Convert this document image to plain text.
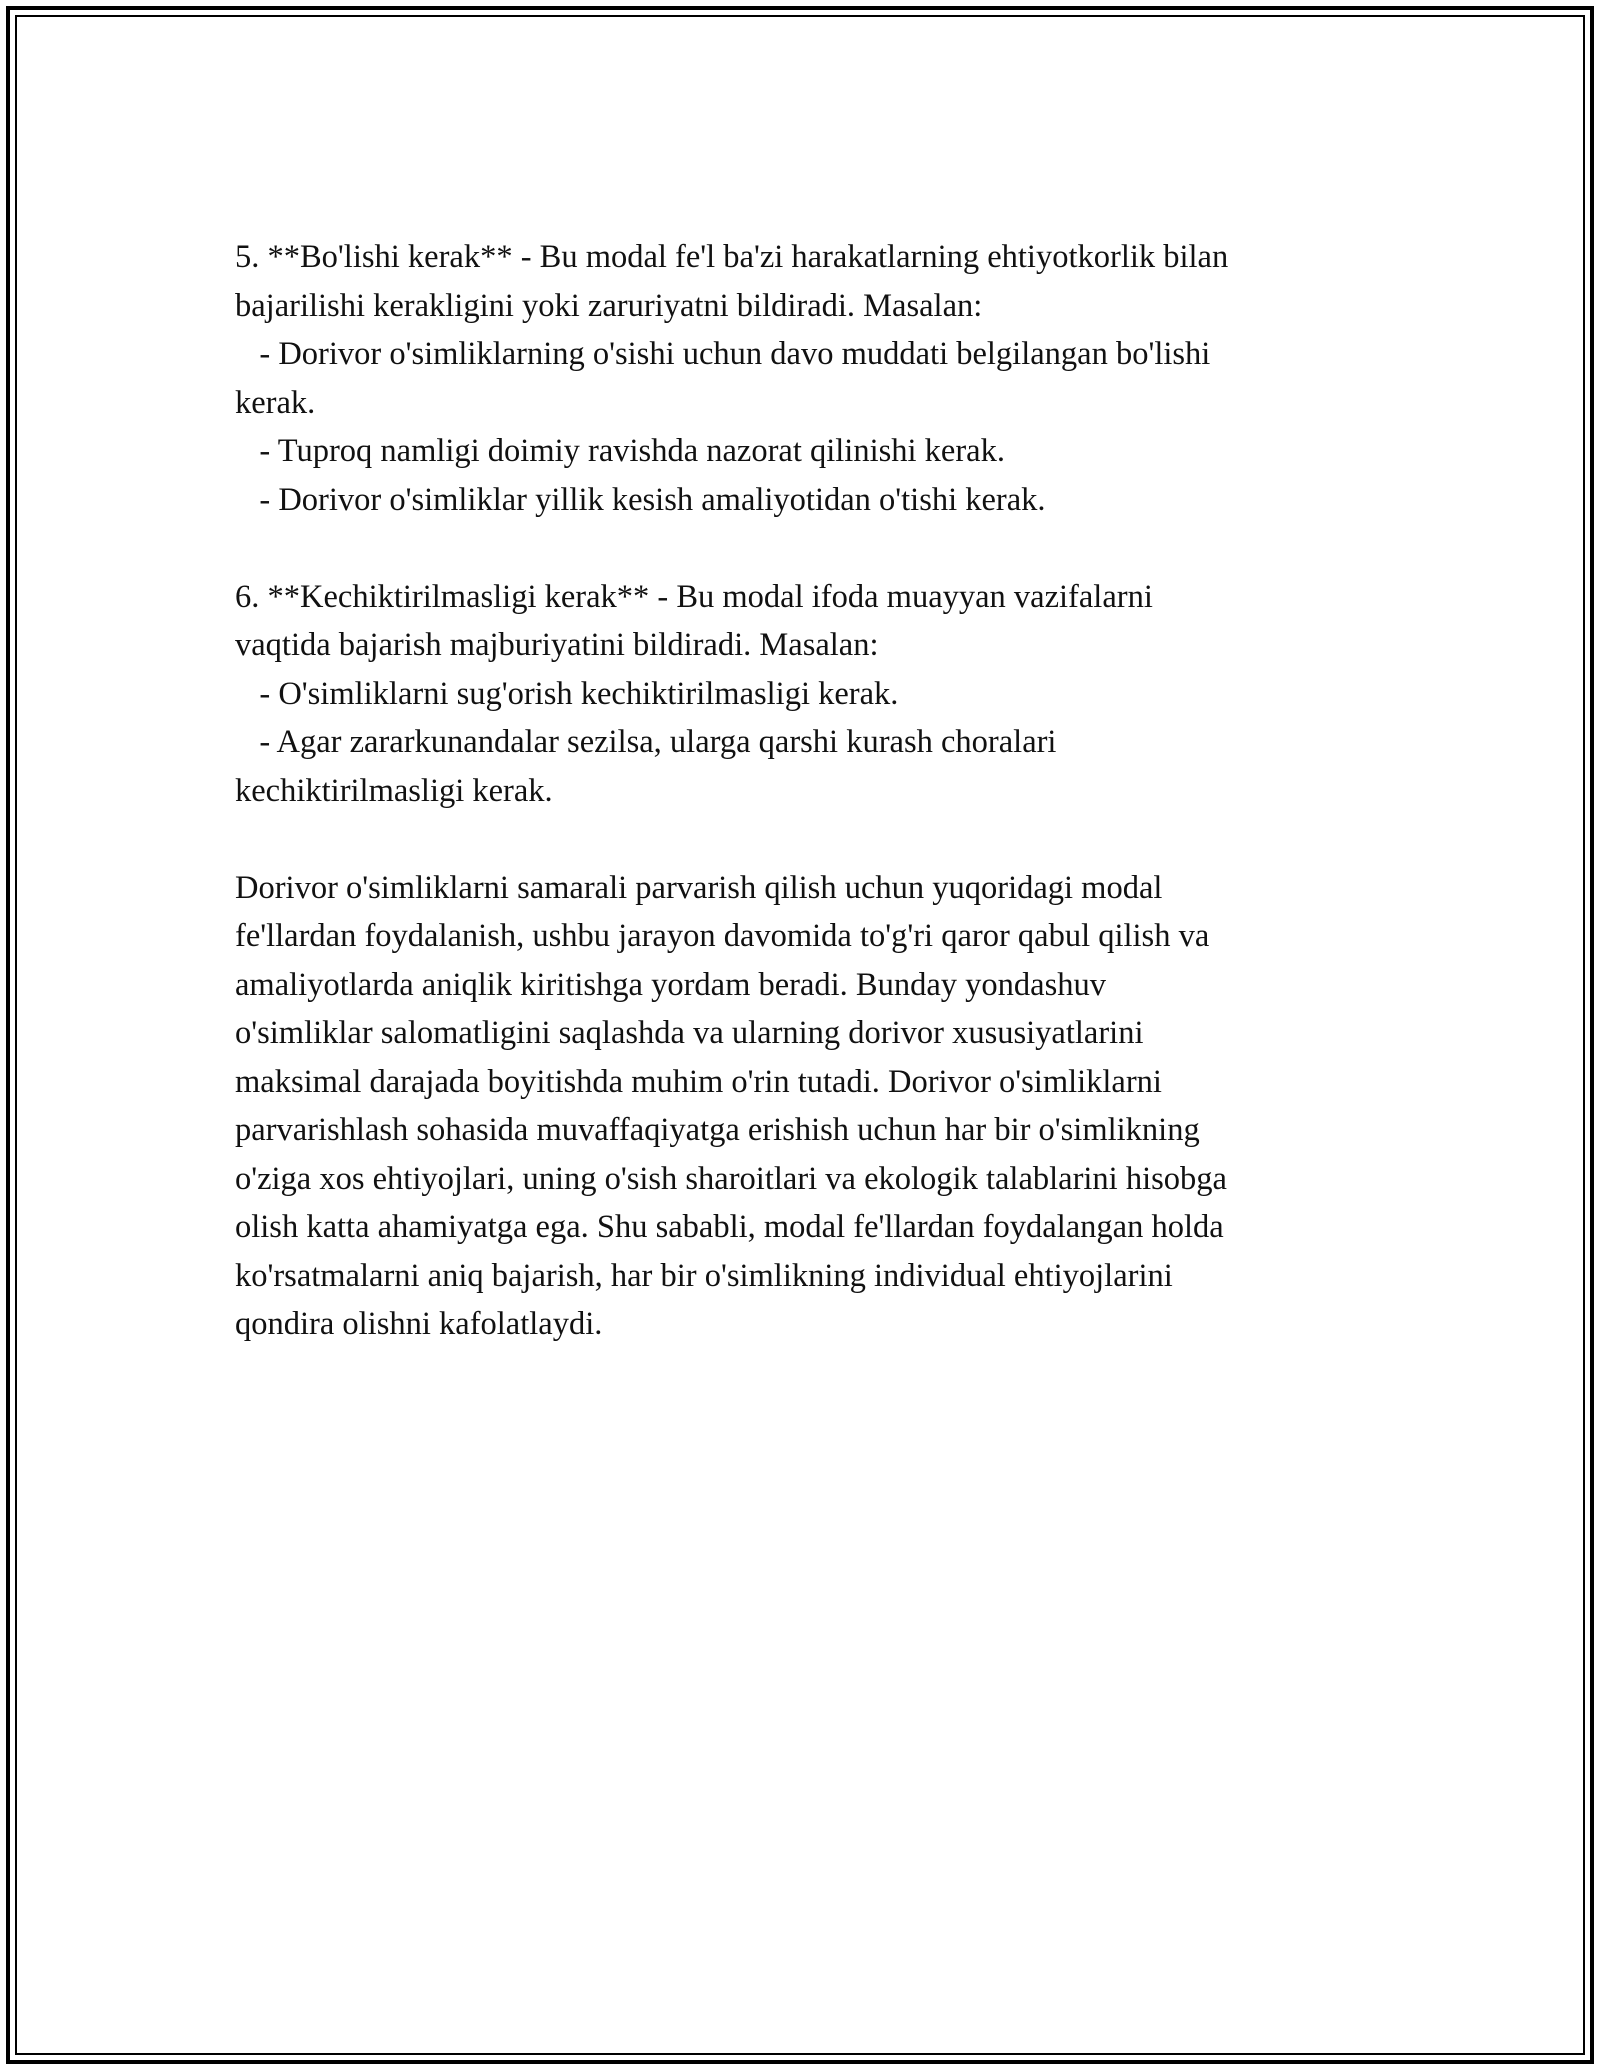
5. **Bo'lishi kerak** - Bu modal fe'l ba'zi harakatlarning ehtiyotkorlik bilan
bajarilishi kerakligini yoki zaruriyatni bildiradi. Masalan:
- Dorivor o'simliklarning o'sishi uchun davo muddati belgilangan bo'lishi
kerak.
- Tuproq namligi doimiy ravishda nazorat qilinishi kerak.
- Dorivor o'simliklar yillik kesish amaliyotidan o'tishi kerak.
6. **Kechiktirilmasligi kerak** - Bu modal ifoda muayyan vazifalarni
vaqtida bajarish majburiyatini bildiradi. Masalan:
- O'simliklarni sug'orish kechiktirilmasligi kerak.
- Agar zararkunandalar sezilsa, ularga qarshi kurash choralari
kechiktirilmasligi kerak.
Dorivor o'simliklarni samarali parvarish qilish uchun yuqoridagi modal
fe'llardan foydalanish, ushbu jarayon davomida to'g'ri qaror qabul qilish va
amaliyotlarda aniqlik kiritishga yordam beradi. Bunday yondashuv
o'simliklar salomatligini saqlashda va ularning dorivor xususiyatlarini
maksimal darajada boyitishda muhim o'rin tutadi. Dorivor o'simliklarni
parvarishlash sohasida muvaffaqiyatga erishish uchun har bir o'simlikning
o'ziga xos ehtiyojlari, uning o'sish sharoitlari va ekologik talablarini hisobga
olish katta ahamiyatga ega. Shu sababli, modal fe'llardan foydalangan holda
ko'rsatmalarni aniq bajarish, har bir o'simlikning individual ehtiyojlarini
qondira olishni kafolatlaydi.
